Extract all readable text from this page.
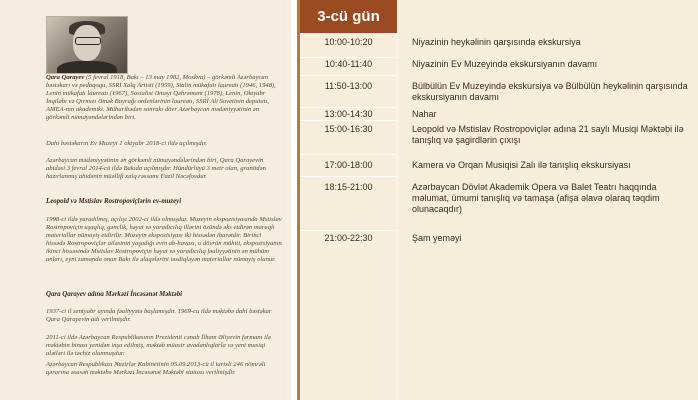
Qara Qarayev (5 fevral 1918, Bakı – 13 may 1982, Moskva) – görkəmli Azərbaycan bəstəkarı və pedaqoqu, SSRİ Xalq Artisti (1959), Stalin mükafatı laureatı (1946, 1948), Lenin mükafatı laureatı (1967), Sosialist Əməyi Qəhrəmanı (1978), Lenin, Oktyabr İnqilabı və Qırmızı Əmək Bayrağı ordenlərinin laureatı, SSRİ Ali Sovetinin deputatı, AMEA-nın akademiki. Müharibədən sonrakı dövr Azərbaycan mədəniyyətinin ən görkəmli nümayəndələrindən biri.

Dahi bəstəkarın Ev Muzeyi 1 oktyabr 2018-ci ildə açılmışdır.

Azərbaycan mədəniyyətinin ən görkəmli nümayəndələrindən biri, Qara Qarayevin abidəsi 3 fevral 2014-cü ildə Bakıda açılmışdır. Hündürlüyü 3 metr olan, granitdən hazırlanmış abidənin müəllifi xalq rəssamı Fazil Nəcəfovdur.

Leopold və Mstislav Rostropoviçlərin ev-muzeyi

1998-ci ildə yaradılmış, açılışı 2002-ci ildə olmuşdur. Muzeyin ekspozisiyasında Mstislav Rostropoviçin uşaqlıq, gənclik, həyat və yaradıcılıq illərini özündə əks etdirən maraqlı materiallar nümayiş etdirilir. Muzeyin ekspozisiyası iki hissədən ibarətdir. Birinci hissədə Rostropoviçlər ailəsinin yaşadığı evin ab-havası, o dövrün mühiti, ekspozisiyanın ikinci hissəsində Mstislav Rostropoviçin həyat və yaradıcılıq fəaliyyətinin ən mühüm anları, eyni zamanda onun Bakı ilə əlaqələrini təsdiqləyən materiallar nümayiş olunur.

Qara Qarayev adına Mərkəzi İncəsənət Məktəbi

1937-ci il sentyabr ayında fəaliyyətə başlamışdır. 1969-cu ildə məktəbə dahi bəstəkar Qara Qarayevin adı verilmişdir.

2011-ci ildə Azərbaycan Respublikasının Prezidenti cənab İlham Əliyevin fərmanı ilə məktəbin binası yenidən inşa edilmiş, məktəb müasir avadanlıqlarla və yeni musiqi alətləri ilə təchiz olunmuşdur.

Azərbaycan Respublikası Nazirlər Kabinetinin 05.09.2013-cü il tarixli 246 nömrəli qərarına əsasən məktəbə Mərkəzi İncəsənət Məktəbi statusu verilmişdir.

3-cü gün
10:00-10:20	Niyazinin heykəlinin qarşısında ekskursiya
10:40-11:40	Niyazinin Ev Muzeyində ekskursiyanın davamı
11:50-13:00	Bülbülün Ev Muzeyində ekskursiya və Bülbülün heykəlinin qarşısında ekskursiyanın davamı
13:00-14:30	Nahar
15:00-16:30	Leopold və Mstislav Rostropoviçlər adına 21 saylı Musiqi Məktəbi ilə tanışlıq və şagirdlərin çıxışı
17:00-18:00	Kamera və Orqan Musiqisi Zalı ilə tanışlıq ekskursiyası
18:15-21:00	Azərbaycan Dövlət Akademik Opera və Balet Teatrı haqqında məlumat, ümumi tanışlıq və tamaşa (afişa əlavə olaraq təqdim olunacaqdır)
21:00-22:30	Şam yeməyi
